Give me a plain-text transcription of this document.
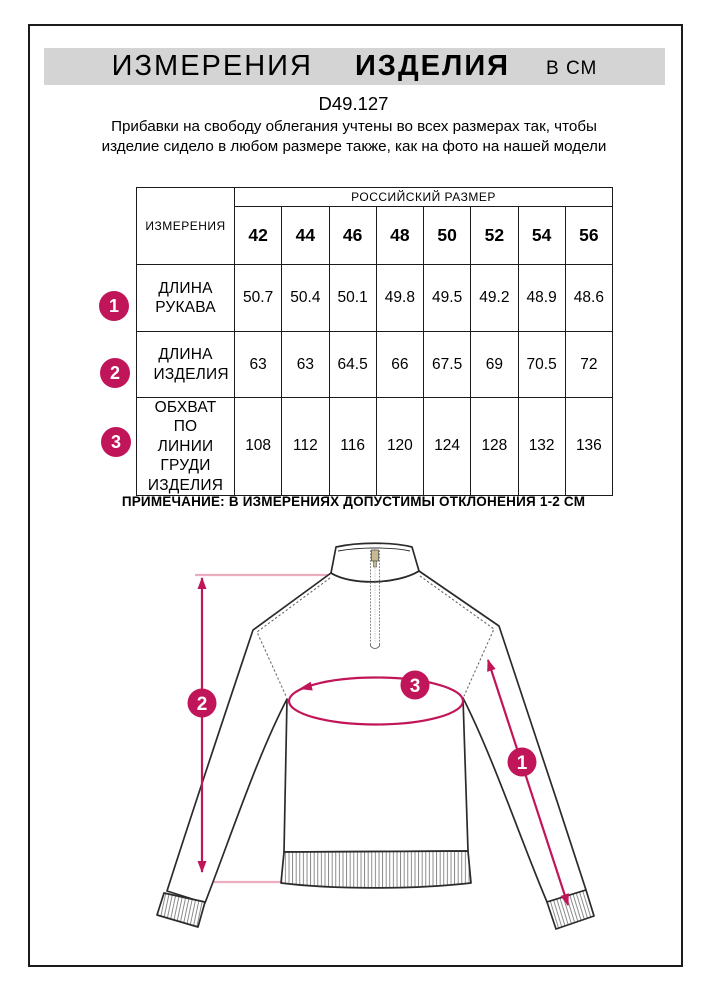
ИЗМЕРЕНИЯ ИЗДЕЛИЯ В СМ
D49.127
Прибавки на свободу облегания учтены во всех размерах так, чтобы изделие сидело в любом размере также, как на фото на нашей модели
ИЗМЕРЕНИЯ	РОССИЙСКИЙ РАЗМЕР							
	42	44	46	48	50	52	54	56
ДЛИНА РУКАВА	50.7	50.4	50.1	49.8	49.5	49.2	48.9	48.6
ДЛИНА ИЗДЕЛИЯ	63	63	64.5	66	67.5	69	70.5	72
ОБХВАТ ПО ЛИНИИ ГРУДИ ИЗДЕЛИЯ	108	112	116	120	124	128	132	136
1
2
3
ПРИМЕЧАНИЕ: В ИЗМЕРЕНИЯХ ДОПУСТИМЫ ОТКЛОНЕНИЯ 1-2 СМ
2
3
1
